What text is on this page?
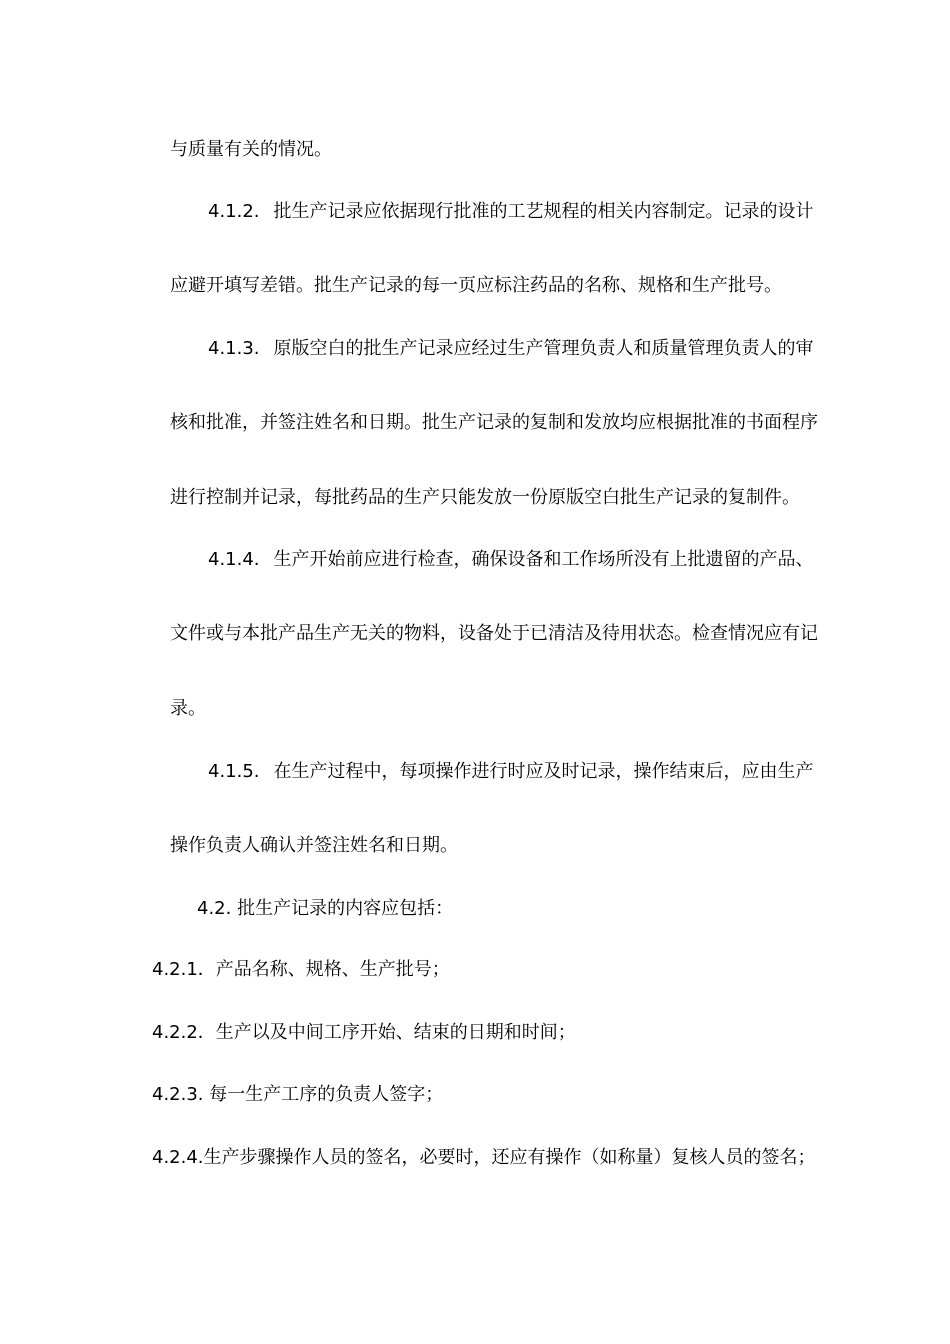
与质量有关的情况。
4.1.2. 批生产记录应依据现行批准的工艺规程的相关内容制定。记录的设计
应避开填写差错。批生产记录的每一页应标注药品的名称、规格和生产批号。
4.1.3. 原版空白的批生产记录应经过生产管理负责人和质量管理负责人的审
核和批准，并签注姓名和日期。批生产记录的复制和发放均应根据批准的书面程序
进行控制并记录，每批药品的生产只能发放一份原版空白批生产记录的复制件。
4.1.4. 生产开始前应进行检查，确保设备和工作场所没有上批遗留的产品、
文件或与本批产品生产无关的物料，设备处于已清洁及待用状态。检查情况应有记
录。
4.1.5. 在生产过程中，每项操作进行时应及时记录，操作结束后，应由生产
操作负责人确认并签注姓名和日期。
4.2. 批生产记录的内容应包括：
4.2.1．产品名称、规格、生产批号；
4.2.2．生产以及中间工序开始、结束的日期和时间；
4.2.3. 每一生产工序的负责人签字；
4.2.4.生产步骤操作人员的签名，必要时，还应有操作（如称量）复核人员的签名；
